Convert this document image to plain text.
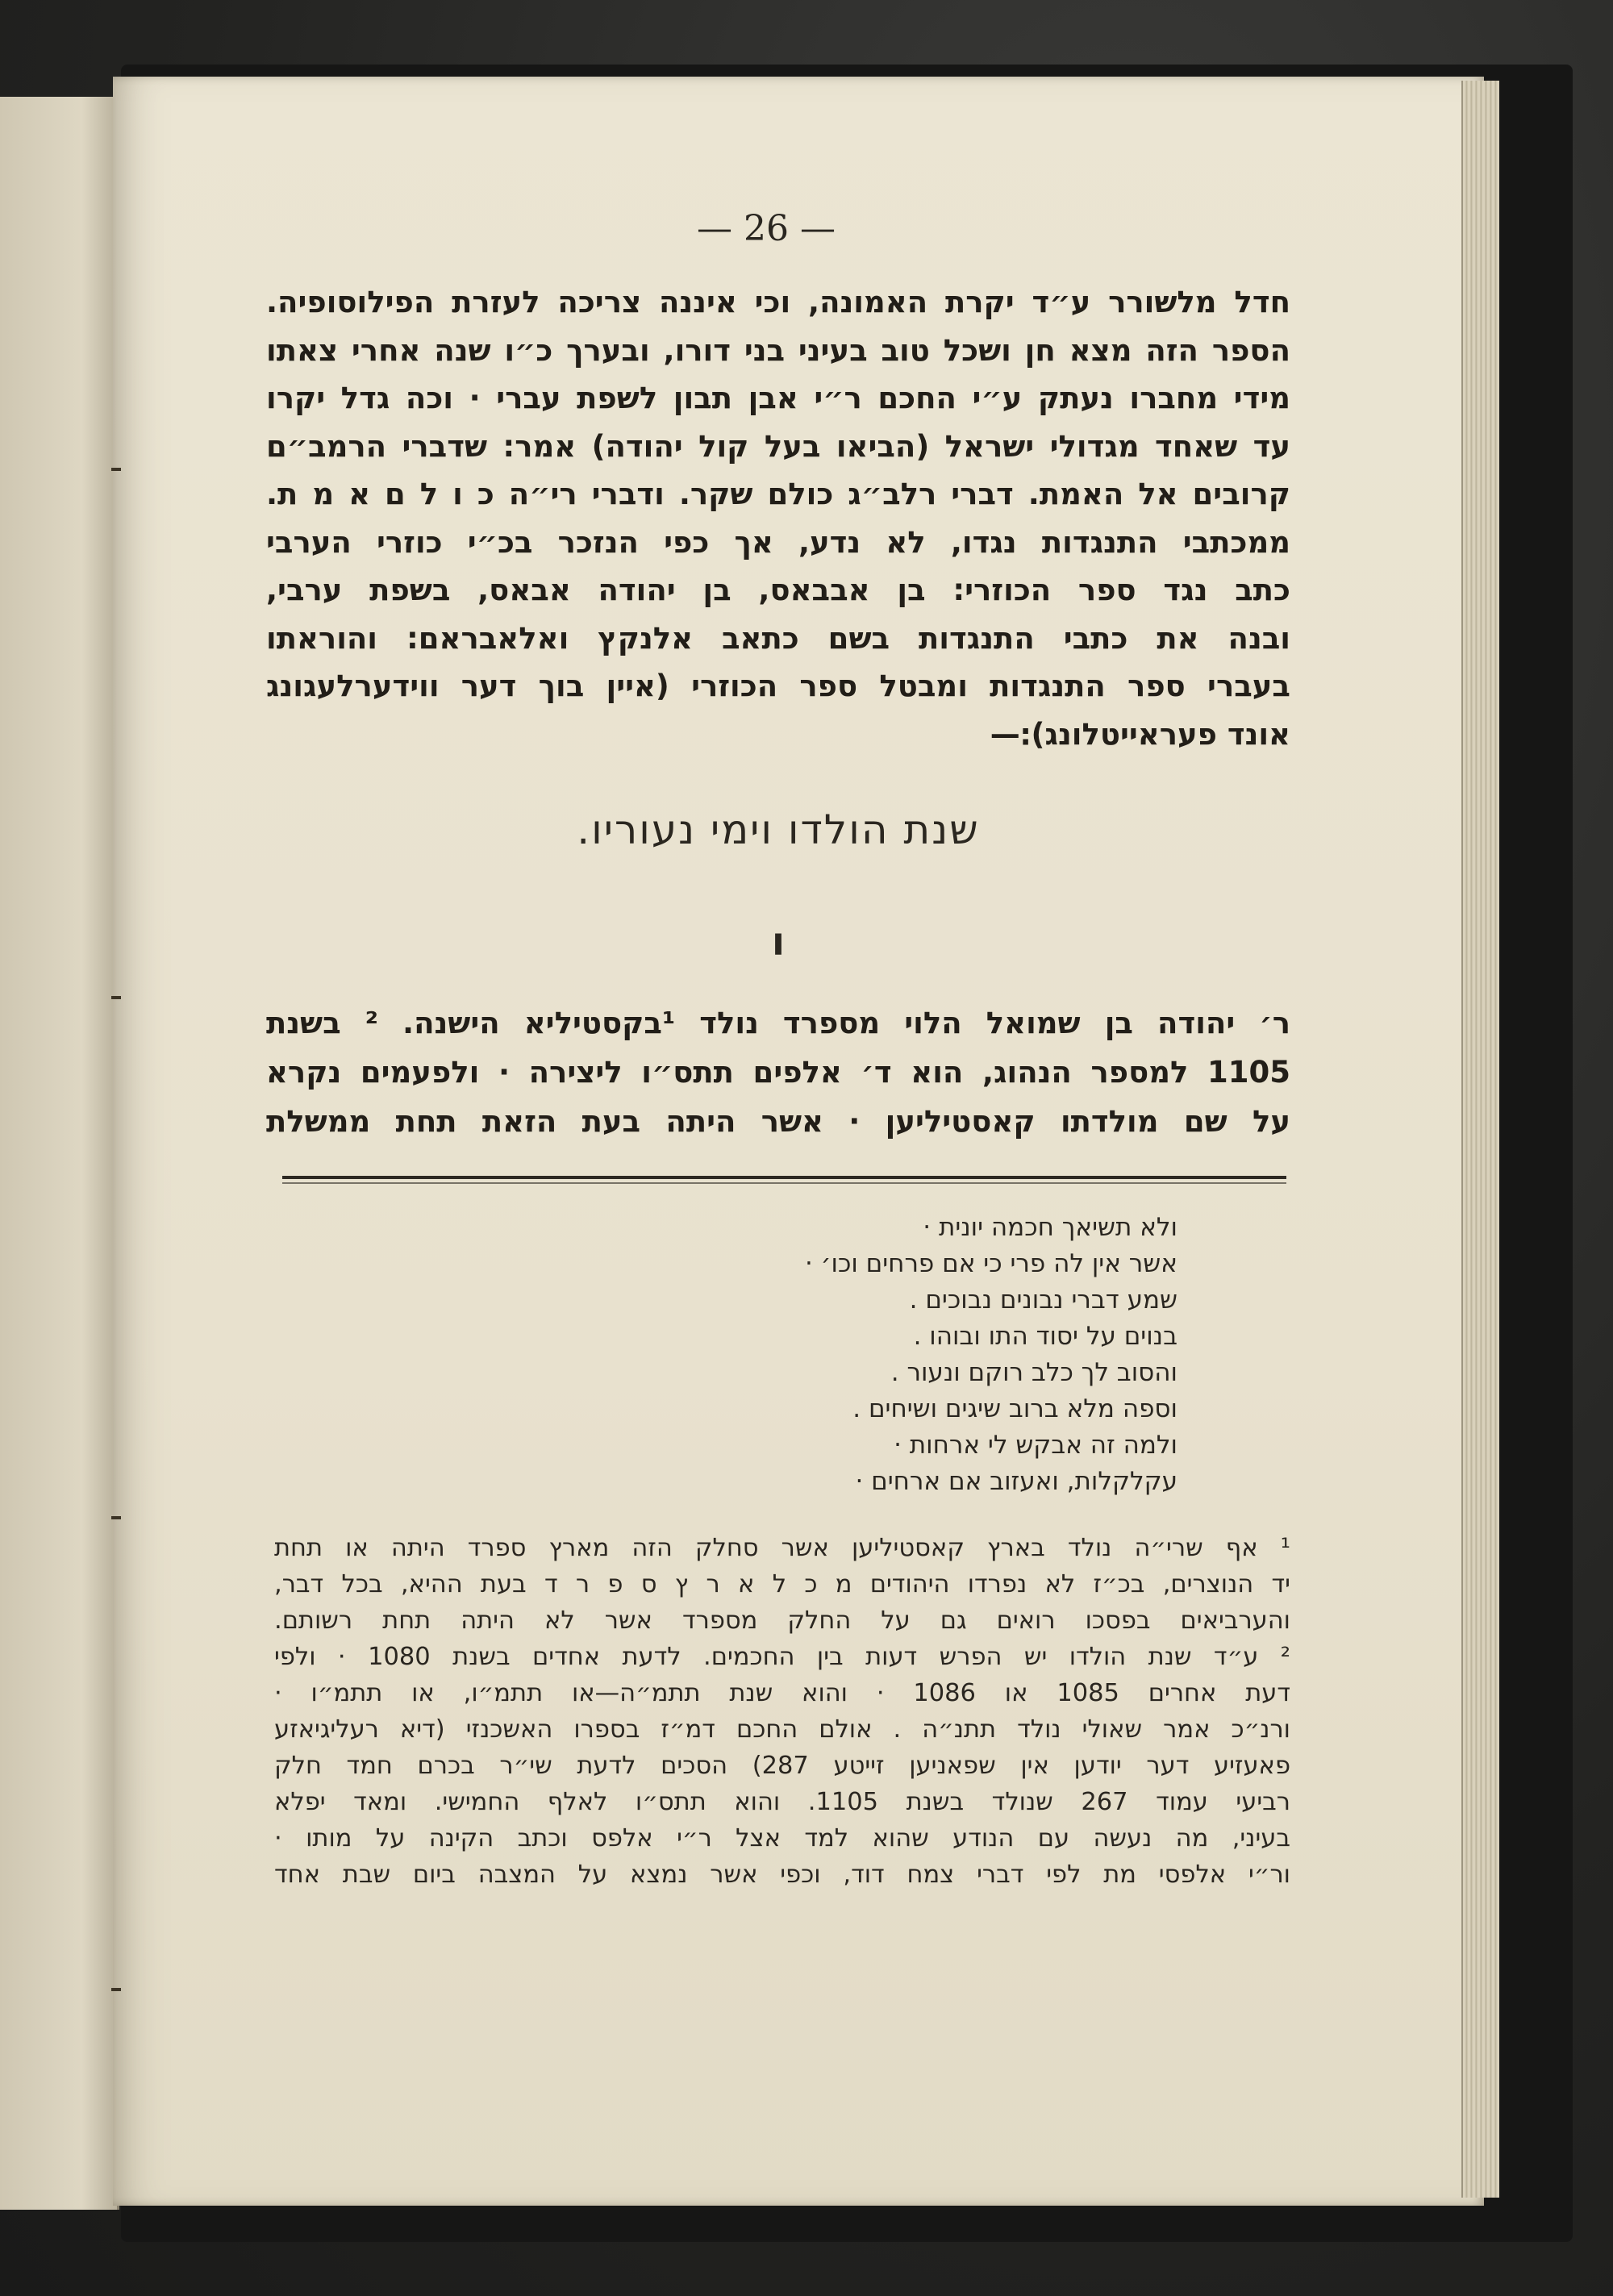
— 26 —
חדל מלשורר ע״ד יקרת האמונה, וכי איננה צריכה לעזרת הפילוסופיה.
הספר הזה מצא חן ושכל טוב בעיני בני דורו, ובערך כ״ו שנה אחרי צאתו
מידי מחברו נעתק ע״י החכם ר״י אבן תבון לשפת עברי · וכה גדל יקרו
עד שאחד מגדולי ישראל (הביאו בעל קול יהודה) אמר: שדברי הרמב״ם
קרובים אל האמת. דברי רלב״ג כולם שקר. ודברי רי״ה כ ו ל ם א מ ת.
ממכתבי התנגדות נגדו, לא נדע, אך כפי הנזכר בכ״י כוזרי הערבי
כתב נגד ספר הכוזרי: בן אבבאס, בן יהודה אבאס, בשפת ערבי,
ובנה את כתבי התנגדות בשם כתאב אלנקץ ואלאבראם: והוראתו
בעברי ספר התנגדות ומבטל ספר הכוזרי (איין בוך דער ווידערלעגונג
אונד פעראייטלונג)׃—
שנת הולדו וימי נעוריו.
ו
ר׳ יהודה בן שמואל הלוי מספרד נולד ¹בקסטיליא הישנה. ² בשנת
1105 למספר הנהוג, הוא ד׳ אלפים תתס״ו ליצירה · ולפעמים נקרא
על שם מולדתו קאסטיליען · אשר היתה בעת הזאת תחת ממשלת
ולא תשיאך חכמה יונית ·
אשר אין לה פרי כי אם פרחים וכו׳ ·
שמע דברי נבונים נבוכים .
בנוים על יסוד התו ובוהו .
והסוב לך כלב רוקם ונעור .
וספה מלא ברוב שיגים ושיחים .
ולמה זה אבקש לי ארחות ·
עקלקלות, ואעזוב אם ארחים ·
¹ אף שרי״ה נולד בארץ קאסטיליען אשר סחלק הזה מארץ ספרד היתה או תחת
יד הנוצרים, בכ״ז לא נפרדו היהודים מ כ ל א ר ץ ס פ ר ד בעת ההיא, בכל דבר,
והערביאים בפסכו רואים גם על החלק מספרד אשר לא היתה תחת רשותם.
² ע״ד שנת הולדו יש הפרש דעות בין החכמים. לדעת אחדים בשנת 1080 · ולפי
דעת אחרים 1085 או 1086 · והוא שנת תתמ״ה—או תתמ״ו, או תתמ״ו ·
ורנ״כ אמר שאולי נולד תתנ״ה . אולם החכם דמ״ז בספרו האשכנזי (דיא רעליגיאזע
פאעזיע דער יודען אין שפאניען זייטע 287) הסכים לדעת שי״ר בכרם חמד חלק
רביעי עמוד 267 שנולד בשנת 1105. והוא תתס״ו לאלף החמישי. ומאד יפלא
בעיני, מה נעשה עם הנודע שהוא למד אצל ר״י אלפס וכתב הקינה על מותו ·
ור״י אלפסי מת לפי דברי צמח דוד, וכפי אשר נמצא על המצבה ביום שבת אחד
